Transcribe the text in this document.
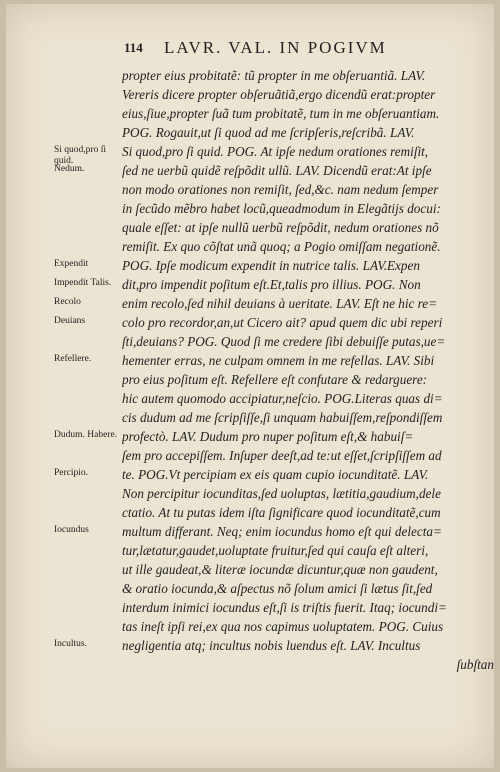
114 LAVR. VAL. IN POGIVM
propter eius probitatẽ: tũ propter in me obſeruantiã. LAV.
Vereris dicere propter obſeruãtiã,ergo dicendũ erat:propter
eius,ſiue,propter ſuã tum probitatẽ, tum in me obſeruantiam.
POG. Rogauit,ut ſi quod ad me ſcripſeris,reſcribã. LAV.
Si quod,pro ſi quid. POG. At ipſe nedum orationes remiſit,
ſed ne uerbũ quidẽ reſpõdit ullũ. LAV. Dicendũ erat:At ipſe
non modo orationes non remiſit, ſed,&c. nam nedum ſemper
in ſecũdo mẽbro habet locũ,queadmodum in Elegãtijs docui:
quale eſſet: at ipſe nullũ uerbũ reſpõdit, nedum orationes nõ
remiſit. Ex quo cõſtat unã quoq; a Pogio omiſſam negationẽ.
POG. Ipſe modicum expendit in nutrice talis. LAV.Expen
dit,pro impendit poſitum eſt.Et,talis pro illius. POG. Non
enim recolo,ſed nihil deuians à ueritate. LAV. Eſt ne hic re=
colo pro recordor,an,ut Cicero ait? apud quem dic ubi reperi
ſti,deuians? POG. Quod ſi me credere ſibi debuiſſe putas,ue=
hementer erras, ne culpam omnem in me refellas. LAV. Sibi
pro eius poſitum eſt. Refellere eſt confutare & redarguere:
hic autem quomodo accipiatur,neſcio. POG.Literas quas di=
cis dudum ad me ſcripſiſſe,ſi unquam habuiſſem,reſpondiſſem
profectò. LAV. Dudum pro nuper poſitum eſt,& habuiſ=
ſem pro accepiſſem. Inſuper deeſt,ad te:ut eſſet,ſcripſiſſem ad
te. POG.Vt percipiam ex eis quam cupio iocunditatẽ. LAV.
Non percipitur iocunditas,ſed uoluptas, lætitia,gaudium,dele
ctatio. At tu putas idem iſta ſignificare quod iocunditatẽ,cum
multum differant. Neq; enim iocundus homo eſt qui delecta=
tur,lætatur,gaudet,uoluptate fruitur,ſed qui cauſa eſt alteri,
ut ille gaudeat,& literæ iocundæ dicuntur,quæ non gaudent,
& oratio iocunda,& aſpectus nõ ſolum amici ſi lætus ſit,ſed
interdum inimici iocundus eſt,ſi is triſtis fuerit. Itaq; iocundi=
tas ineſt ipſi rei,ex qua nos capimus uoluptatem. POG. Cuius
negligentia atq; incultus nobis luendus eſt. LAV. Incultus
ſubſtan
Si quod,pro ſi quid.
Nedum.
Expendit
Impendit Talis.
Recolo
Deuians
Refellere.
Dudum. Habere.
Percipio.
Iocundus
Incultus.
